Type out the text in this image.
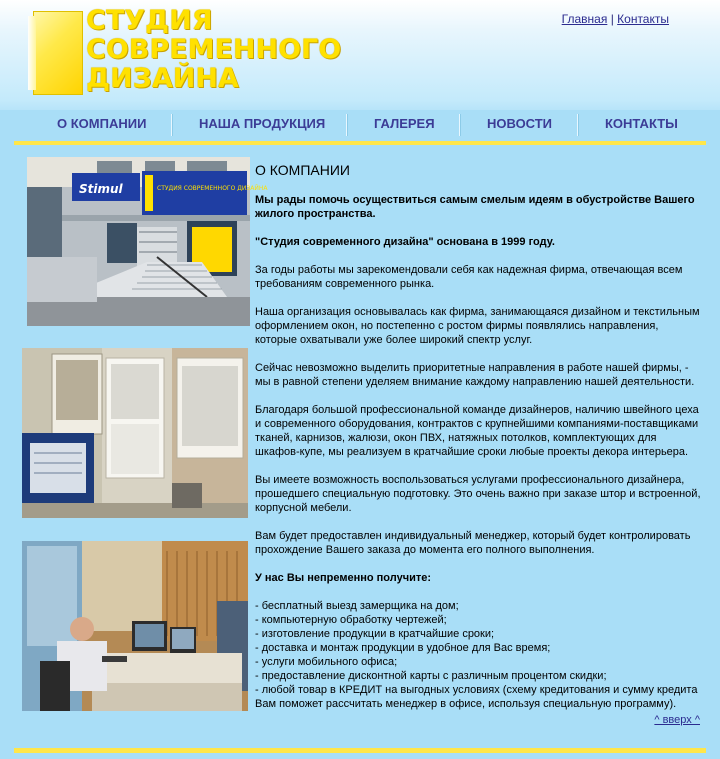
СТУДИЯ
СОВРЕМЕННОГО
ДИЗАЙНА
Главная | Контакты
О КОМПАНИИ	НАША ПРОДУКЦИЯ	ГАЛЕРЕЯ	НОВОСТИ	КОНТАКТЫ
Stimul	СТУДИЯ СОВРЕМЕННОГО ДИЗАЙНА
О КОМПАНИИ

Мы рады помочь осуществиться самым смелым идеям в обустройстве Вашего жилого пространства.

"Студия современного дизайна" основана в 1999 году.

За годы работы мы зарекомендовали себя как надежная фирма, отвечающая всем требованиям современного рынка.

Наша организация основывалась как фирма, занимающаяся дизайном и текстильным оформлением окон, но постепенно с ростом фирмы появлялись направления, которые охватывали уже более широкий спектр услуг.

Сейчас невозможно выделить приоритетные направления в работе нашей фирмы, - мы в равной степени уделяем внимание каждому направлению нашей деятельности.

Благодаря большой профессиональной команде дизайнеров, наличию швейного цеха и современного оборудования, контрактов с крупнейшими компаниями-поставщиками тканей, карнизов, жалюзи, окон ПВХ, натяжных потолков, комплектующих для шкафов-купе, мы реализуем в кратчайшие сроки любые проекты декора интерьера.

Вы имеете возможность воспользоваться услугами профессионального дизайнера, прошедшего специальную подготовку. Это очень важно при заказе штор и встроенной, корпусной мебели.

Вам будет предоставлен индивидуальный менеджер, который будет контролировать прохождение Вашего заказа до момента его полного выполнения.

У нас Вы непременно получите:

- бесплатный выезд замерщика на дом;
- компьютерную обработку чертежей;
- изготовление продукции в кратчайшие сроки;
- доставка и монтаж продукции в удобное для Вас время;
- услуги мобильного офиса;
- предоставление дисконтной карты с различным процентом скидки;
- любой товар в КРЕДИТ на выгодных условиях (схему кредитования и сумму кредита Вам поможет рассчитать менеджер в офисе, используя специальную программу).
^ вверх ^
